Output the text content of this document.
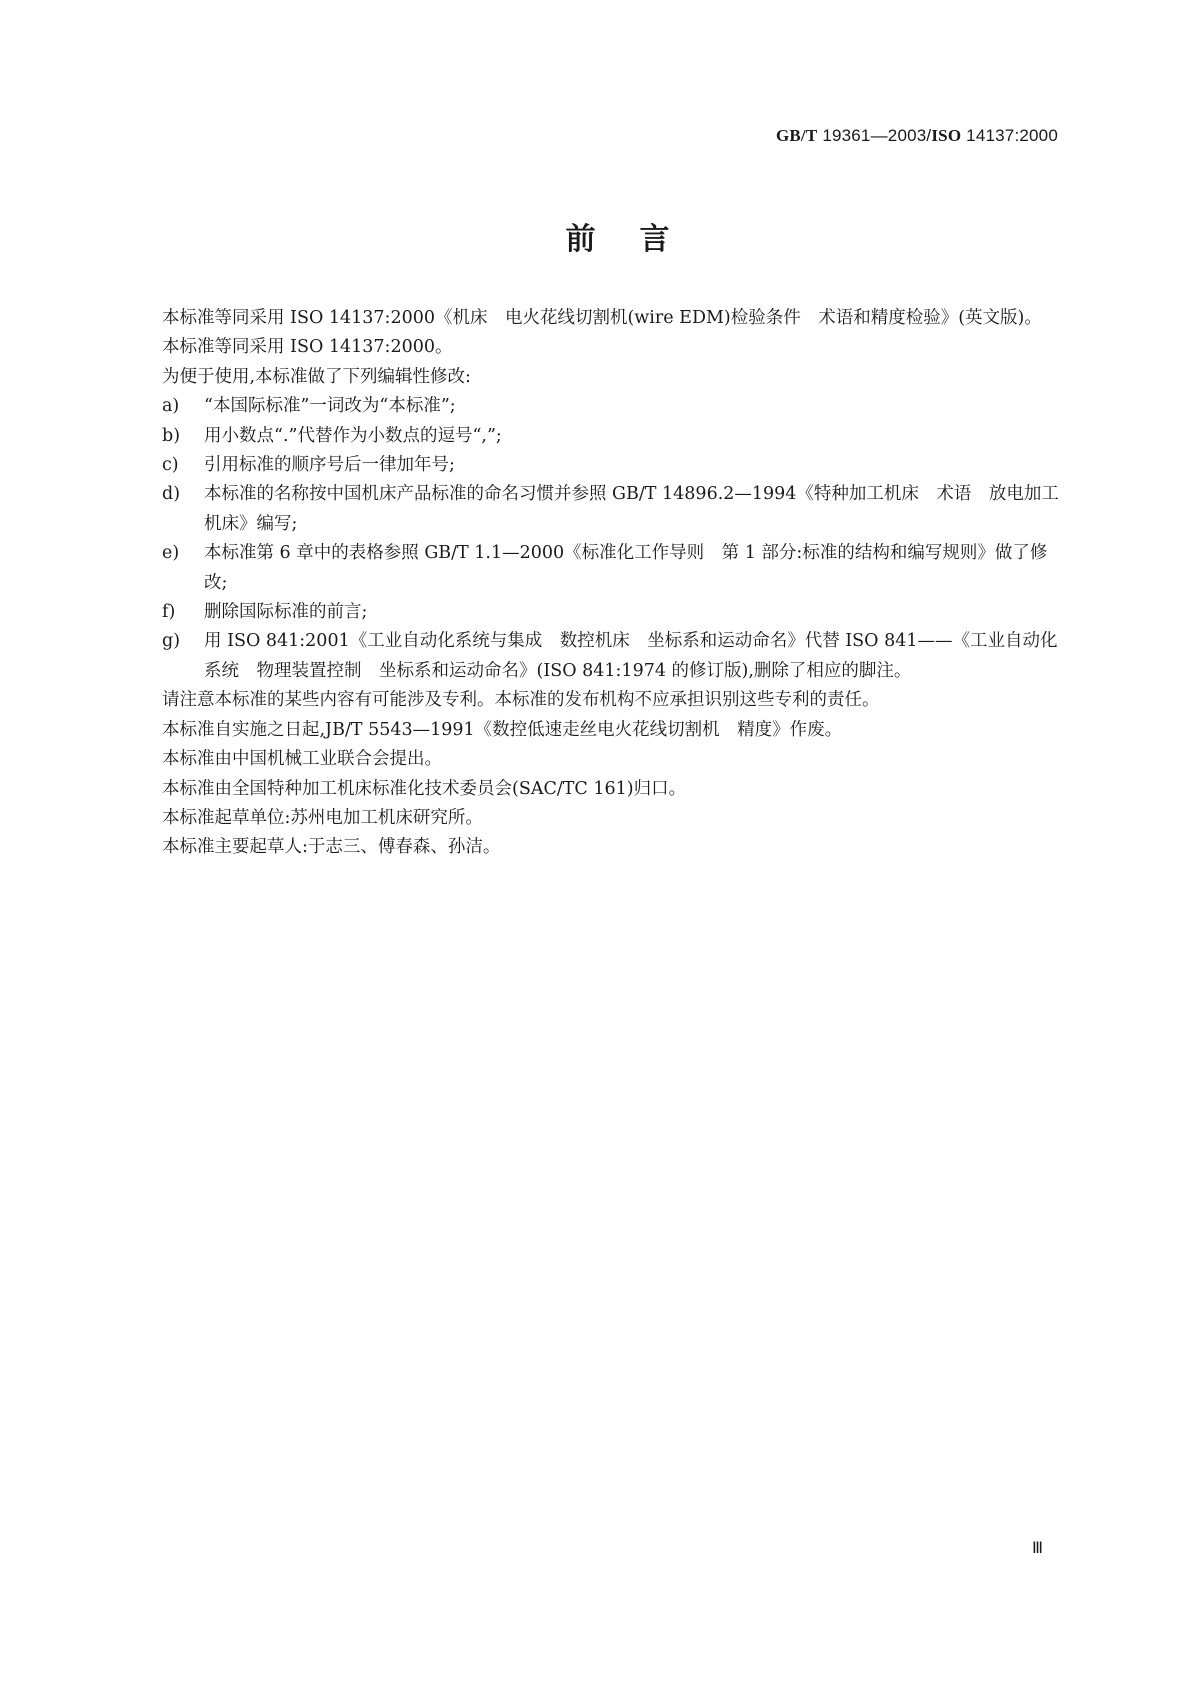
GB/T 19361—2003/ISO 14137:2000
前言

本标准等同采用 ISO 14137:2000《机床　电火花线切割机(wire EDM)检验条件　术语和精度检验》(英文版)。

本标准等同采用 ISO 14137:2000。

为便于使用,本标准做了下列编辑性修改:

a) “本国际标准”一词改为“本标准”;
b) 用小数点“.”代替作为小数点的逗号“,”;
c) 引用标准的顺序号后一律加年号;
d) 本标准的名称按中国机床产品标准的命名习惯并参照 GB/T 14896.2—1994《特种加工机床　术语　放电加工机床》编写;
e) 本标准第 6 章中的表格参照 GB/T 1.1—2000《标准化工作导则　第 1 部分:标准的结构和编写规则》做了修改;
f) 删除国际标准的前言;
g) 用 ISO 841:2001《工业自动化系统与集成　数控机床　坐标系和运动命名》代替 ISO 841——《工业自动化系统　物理装置控制　坐标系和运动命名》(ISO 841:1974 的修订版),删除了相应的脚注。

请注意本标准的某些内容有可能涉及专利。本标准的发布机构不应承担识别这些专利的责任。

本标准自实施之日起,JB/T 5543—1991《数控低速走丝电火花线切割机　精度》作废。

本标准由中国机械工业联合会提出。

本标准由全国特种加工机床标准化技术委员会(SAC/TC 161)归口。

本标准起草单位:苏州电加工机床研究所。

本标准主要起草人:于志三、傅春森、孙洁。

Ⅲ
